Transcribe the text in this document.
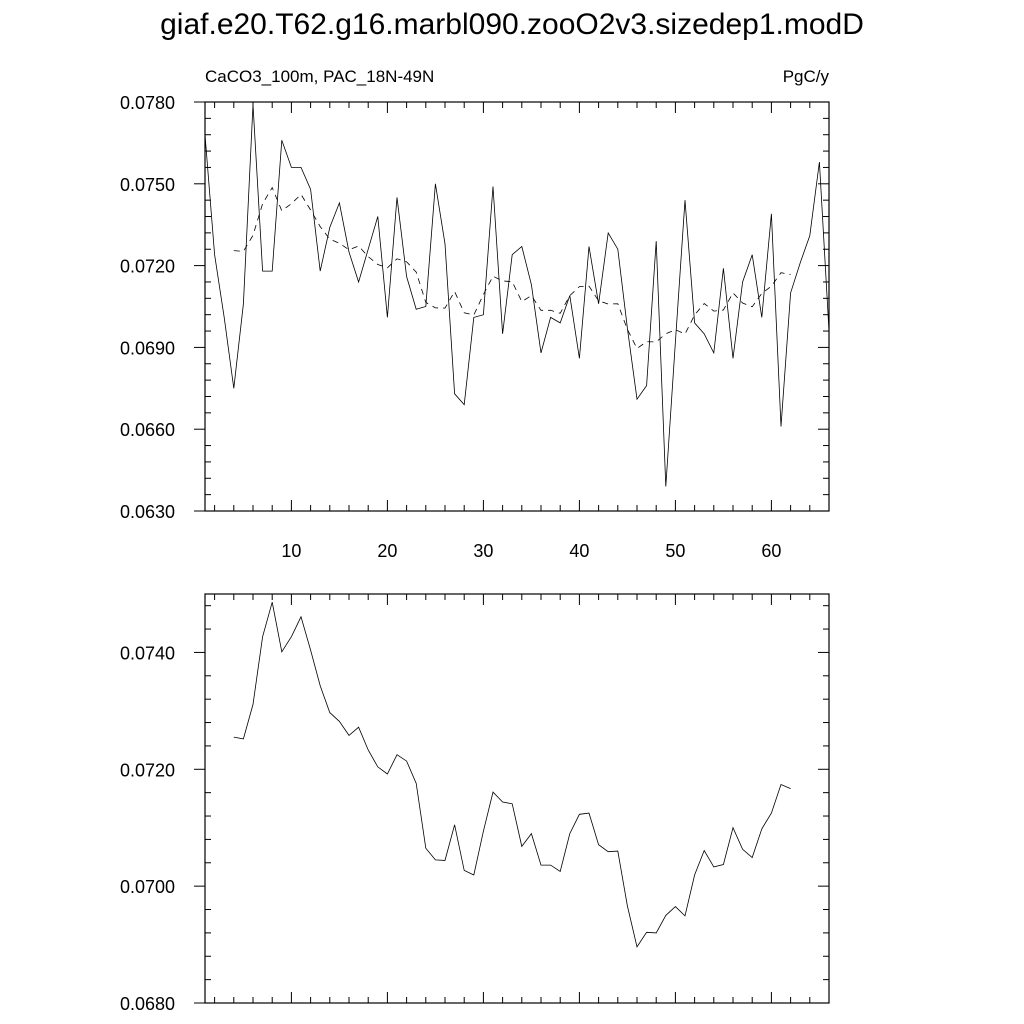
giaf.e20.T62.g16.marbl090.zooO2v3.sizedep1.modD
10	20	30	40	50	60
0.0630
0.0660
0.0690
0.0720
0.0750
0.0780
CaCO3_100m, PAC_18N-49N	PgC/y
0.0680
0.0700
0.0720
0.0740
